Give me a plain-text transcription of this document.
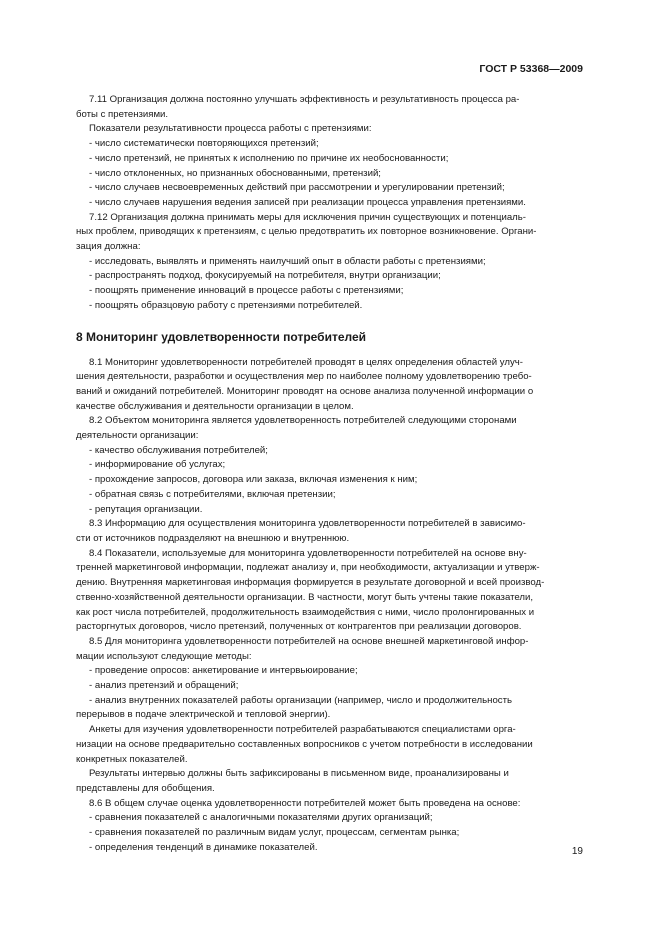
ГОСТ Р 53368—2009
7.11 Организация должна постоянно улучшать эффективность и результативность процесса ра-
боты с претензиями.
Показатели результативности процесса работы с претензиями:
- число систематически повторяющихся претензий;
- число претензий, не принятых к исполнению по причине их необоснованности;
- число отклоненных, но признанных обоснованными, претензий;
- число случаев несвоевременных действий при рассмотрении и урегулировании претензий;
- число случаев нарушения ведения записей при реализации процесса управления претензиями.
7.12 Организация должна принимать меры для исключения причин существующих и потенциаль-
ных проблем, приводящих к претензиям, с целью предотвратить их повторное возникновение. Органи-
зация должна:
- исследовать, выявлять и применять наилучший опыт в области работы с претензиями;
- распространять подход, фокусируемый на потребителя, внутри организации;
- поощрять применение инноваций в процессе работы с претензиями;
- поощрять образцовую работу с претензиями потребителей.
8 Мониторинг удовлетворенности потребителей
8.1 Мониторинг удовлетворенности потребителей проводят в целях определения областей улуч-
шения деятельности, разработки и осуществления мер по наиболее полному удовлетворению требо-
ваний и ожиданий потребителей. Мониторинг проводят на основе анализа полученной информации о
качестве обслуживания и деятельности организации в целом.
8.2 Объектом мониторинга является удовлетворенность потребителей следующими сторонами
деятельности организации:
- качество обслуживания потребителей;
- информирование об услугах;
- прохождение запросов, договора или заказа, включая изменения к ним;
- обратная связь с потребителями, включая претензии;
- репутация организации.
8.3 Информацию для осуществления мониторинга удовлетворенности потребителей в зависимо-
сти от источников подразделяют на внешнюю и внутреннюю.
8.4 Показатели, используемые для мониторинга удовлетворенности потребителей на основе вну-
тренней маркетинговой информации, подлежат анализу и, при необходимости, актуализации и утверж-
дению. Внутренняя маркетинговая информация формируется в результате договорной и всей производ-
ственно-хозяйственной деятельности организации. В частности, могут быть учтены такие показатели,
как рост числа потребителей, продолжительность взаимодействия с ними, число пролонгированных и
расторгнутых договоров, число претензий, полученных от контрагентов при реализации договоров.
8.5 Для мониторинга удовлетворенности потребителей на основе внешней маркетинговой инфор-
мации используют следующие методы:
- проведение опросов: анкетирование и интервьюирование;
- анализ претензий и обращений;
- анализ внутренних показателей работы организации (например, число и продолжительность
перерывов в подаче электрической и тепловой энергии).
Анкеты для изучения удовлетворенности потребителей разрабатываются специалистами орга-
низации на основе предварительно составленных вопросников с учетом потребности в исследовании
конкретных показателей.
Результаты интервью должны быть зафиксированы в письменном виде, проанализированы и
представлены для обобщения.
8.6 В общем случае оценка удовлетворенности потребителей может быть проведена на основе:
- сравнения показателей с аналогичными показателями других организаций;
- сравнения показателей по различным видам услуг, процессам, сегментам рынка;
- определения тенденций в динамике показателей.	19
